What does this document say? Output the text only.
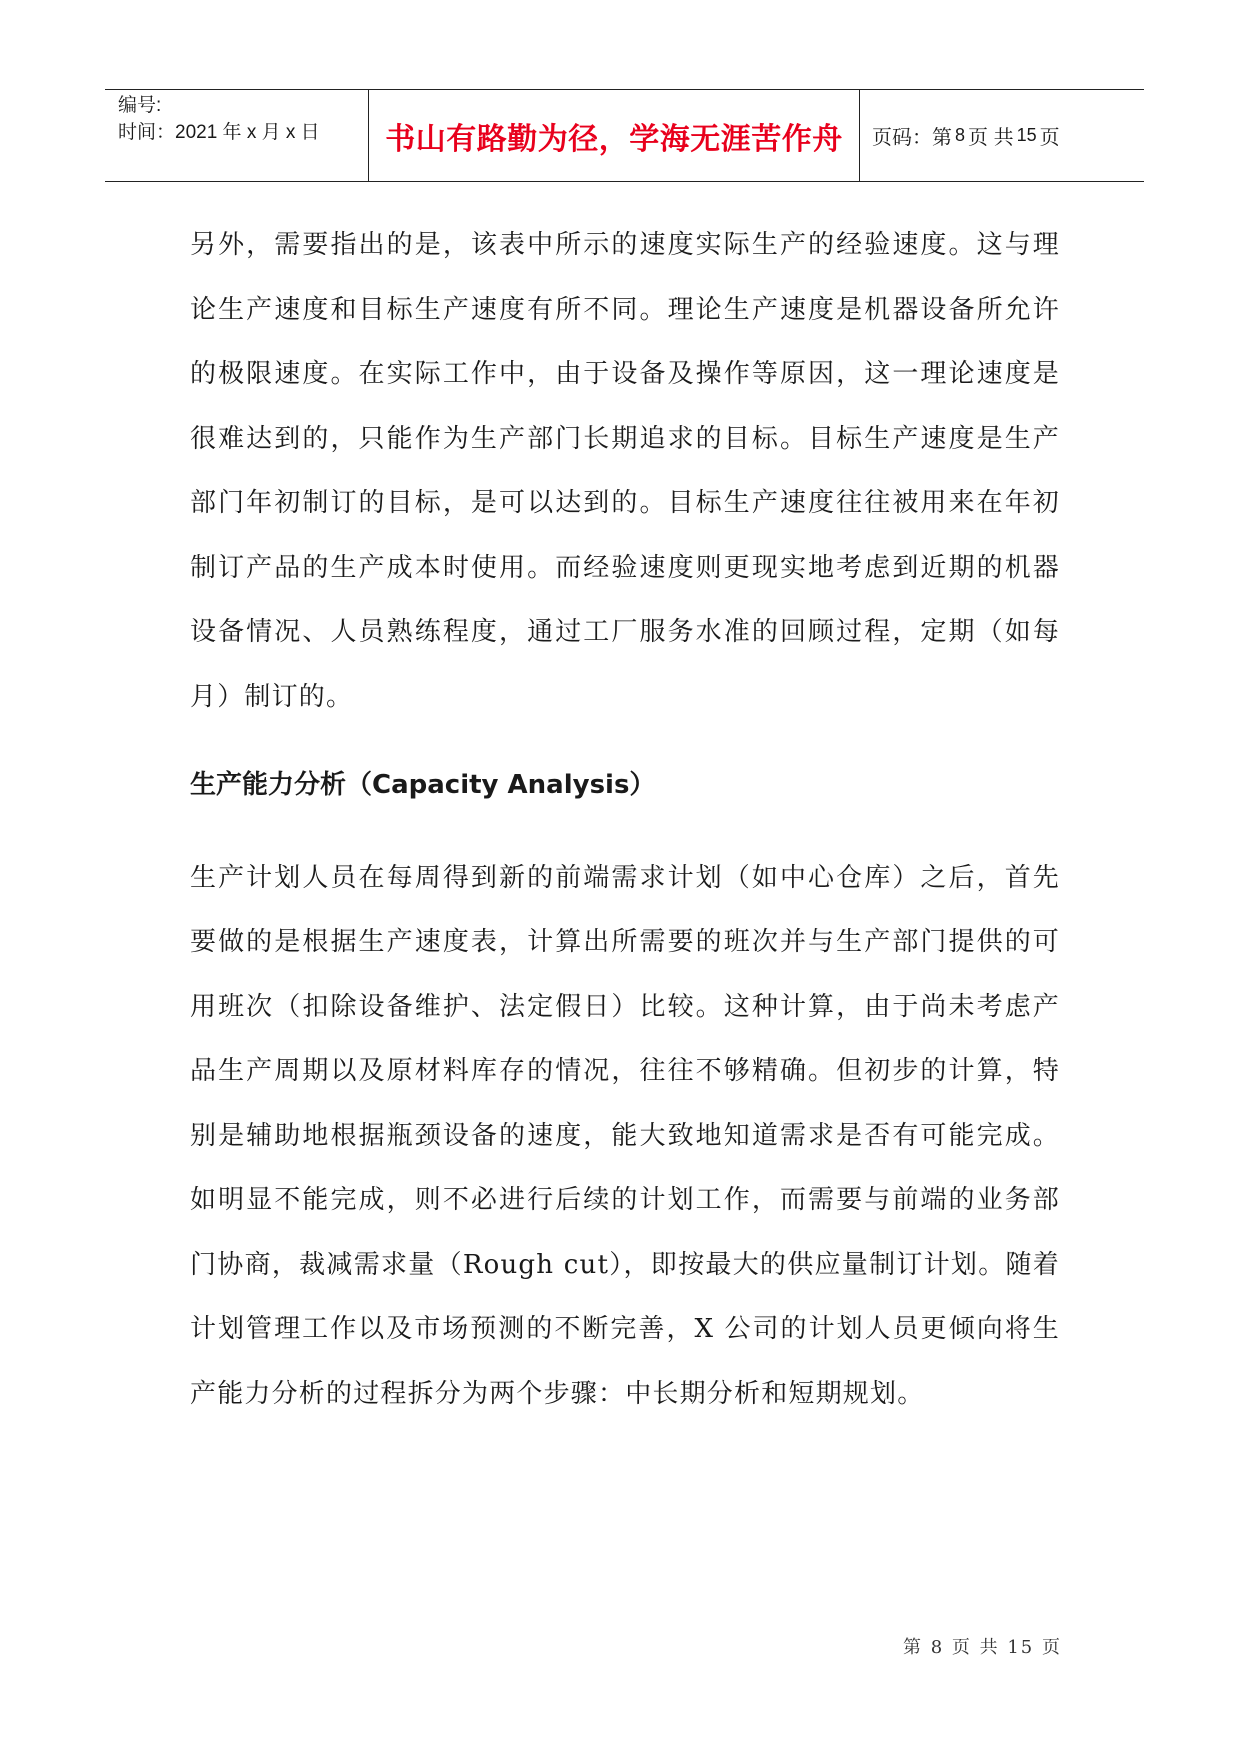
编号:
时间：2021 年 x 月 x 日	书山有路勤为径，学海无涯苦作舟 页码：第 8 页 共 15 页

另外，需要指出的是，该表中所示的速度实际生产的经验速度。这与理论生产速度和目标生产速度有所不同。理论生产速度是机器设备所允许的极限速度。在实际工作中，由于设备及操作等原因，这一理论速度是很难达到的，只能作为生产部门长期追求的目标。目标生产速度是生产部门年初制订的目标，是可以达到的。目标生产速度往往被用来在年初制订产品的生产成本时使用。而经验速度则更现实地考虑到近期的机器设备情况、人员熟练程度，通过工厂服务水准的回顾过程，定期（如每月）制订的。

生产能力分析（Capacity Analysis）

生产计划人员在每周得到新的前端需求计划（如中心仓库）之后，首先要做的是根据生产速度表，计算出所需要的班次并与生产部门提供的可用班次（扣除设备维护、法定假日）比较。这种计算，由于尚未考虑产品生产周期以及原材料库存的情况，往往不够精确。但初步的计算，特别是辅助地根据瓶颈设备的速度，能大致地知道需求是否有可能完成。如明显不能完成，则不必进行后续的计划工作，而需要与前端的业务部门协商，裁减需求量（Rough cut），即按最大的供应量制订计划。随着计划管理工作以及市场预测的不断完善，X 公司的计划人员更倾向将生产能力分析的过程拆分为两个步骤：中长期分析和短期规划。

第 8 页 共 15 页
